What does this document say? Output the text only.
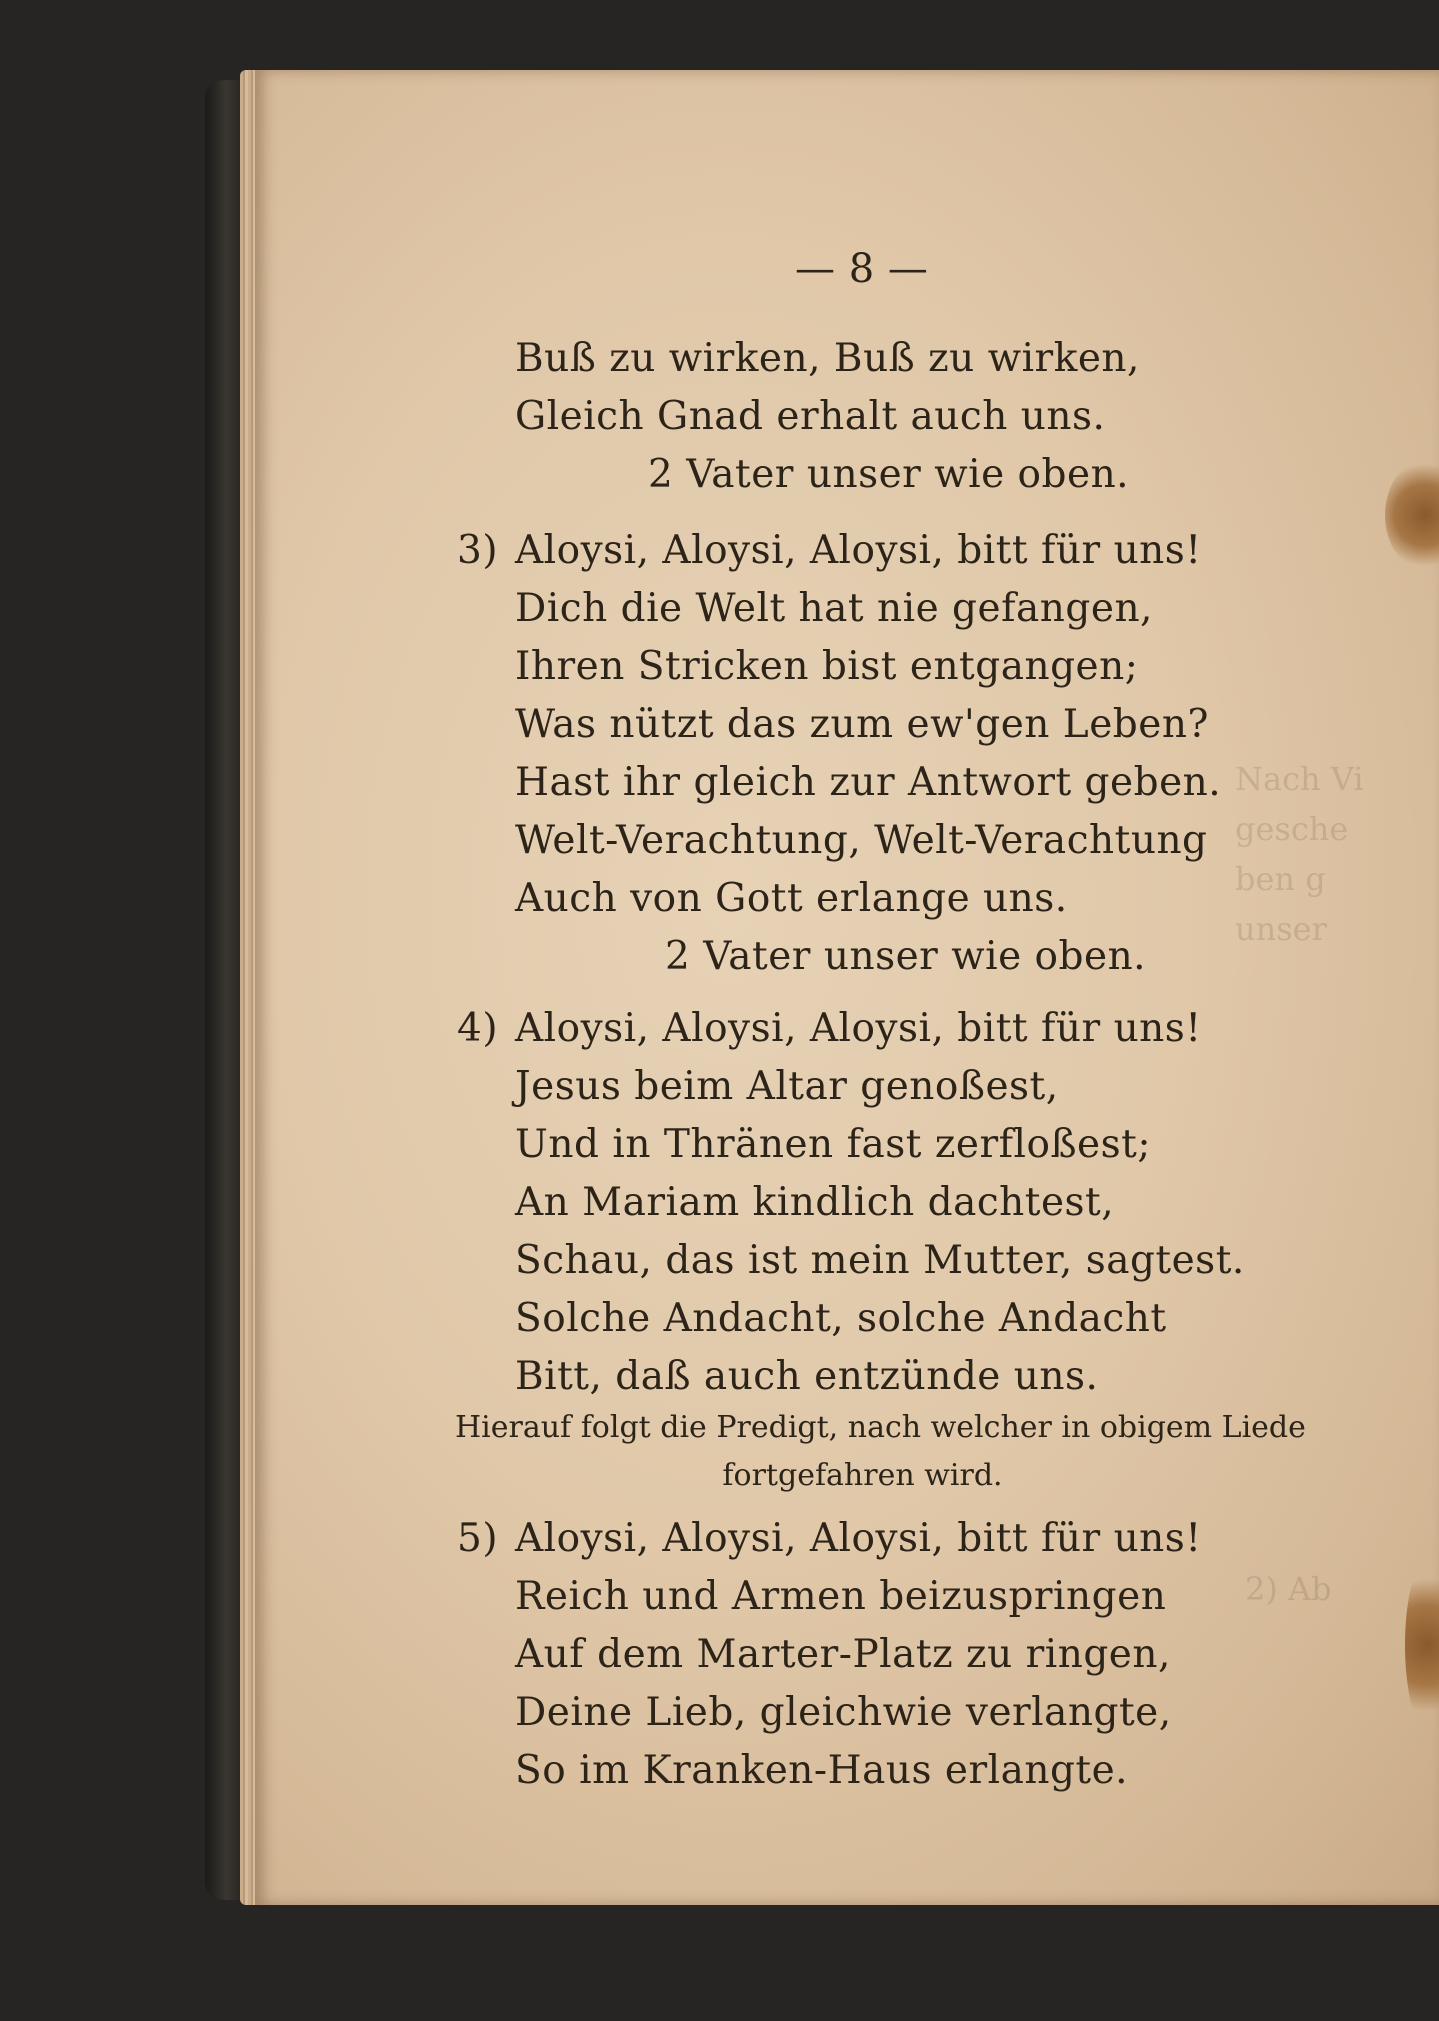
Nach Vi
gesche
ben g
unser
2) Ab
— 8 —
Buß zu wirken, Buß zu wirken,
Gleich Gnad erhalt auch uns.
2 Vater unser wie oben.
3) Aloysi, Aloysi, Aloysi, bitt für uns!
Dich die Welt hat nie gefangen,
Ihren Stricken bist entgangen;
Was nützt das zum ew'gen Leben?
Hast ihr gleich zur Antwort geben.
Welt-Verachtung, Welt-Verachtung
Auch von Gott erlange uns.
2 Vater unser wie oben.
4) Aloysi, Aloysi, Aloysi, bitt für uns!
Jesus beim Altar genoßest,
Und in Thränen fast zerfloßest;
An Mariam kindlich dachtest,
Schau, das ist mein Mutter, sagtest.
Solche Andacht, solche Andacht
Bitt, daß auch entzünde uns.
Hierauf folgt die Predigt, nach welcher in obigem Liede
fortgefahren wird.
5) Aloysi, Aloysi, Aloysi, bitt für uns!
Reich und Armen beizuspringen
Auf dem Marter-Platz zu ringen,
Deine Lieb, gleichwie verlangte,
So im Kranken-Haus erlangte.
